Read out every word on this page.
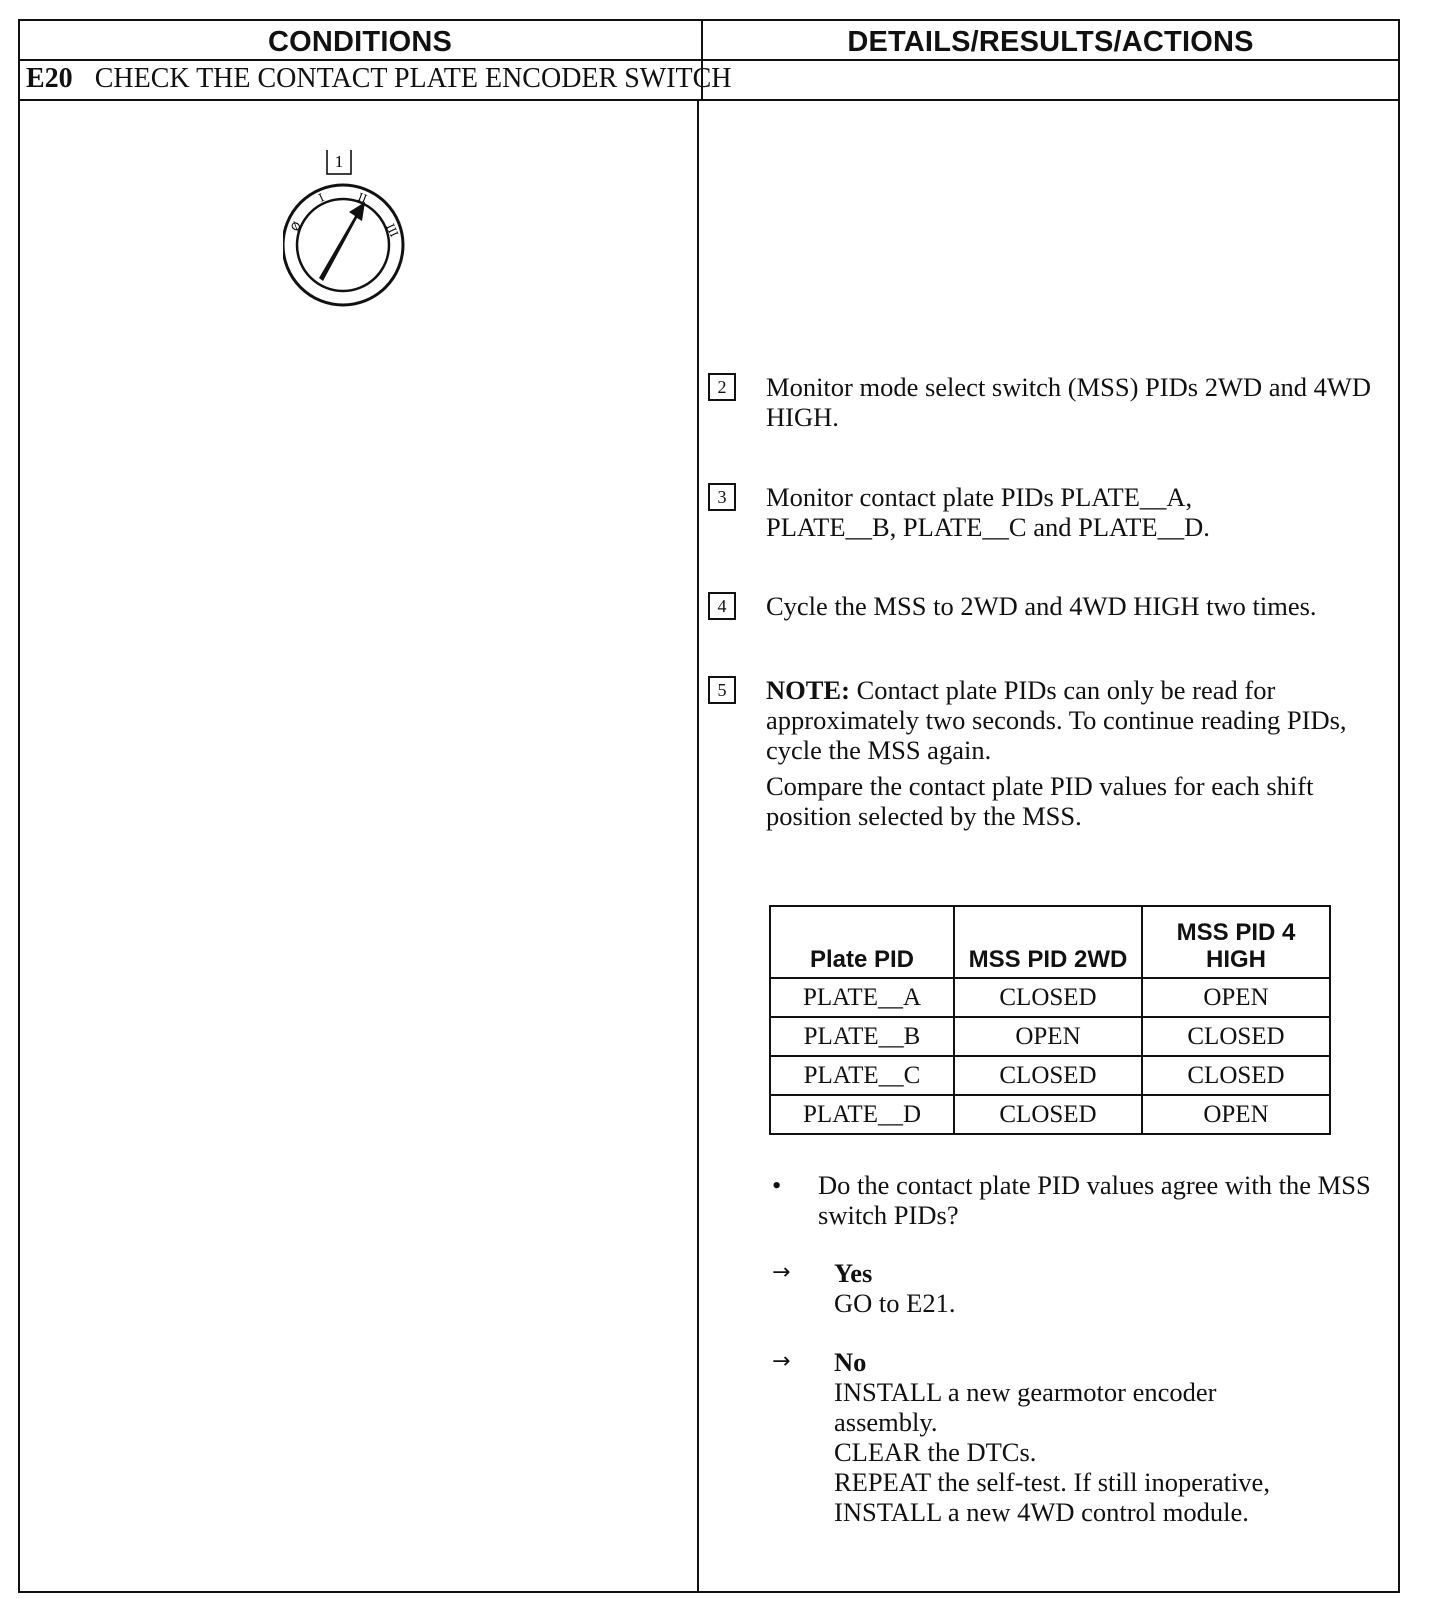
CONDITIONS	DETAILS/RESULTS/ACTIONS
E20 CHECK THE CONTACT PLATE ENCODER SWITCH
1
Ø
I	II
III
2	Monitor mode select switch (MSS) PIDs 2WD and 4WD HIGH.
3	Monitor contact plate PIDs PLATE__A, PLATE__B, PLATE__C and PLATE__D.
4	Cycle the MSS to 2WD and 4WD HIGH two times.
5	NOTE: Contact plate PIDs can only be read for approximately two seconds. To continue reading PIDs, cycle the MSS again.
Compare the contact plate PID values for each shift position selected by the MSS.
Plate PID	MSS PID 2WD	MSS PID 4 HIGH
PLATE__A	CLOSED	OPEN
PLATE__B	OPEN	CLOSED
PLATE__C	CLOSED	CLOSED
PLATE__D	CLOSED	OPEN
•	Do the contact plate PID values agree with the MSS switch PIDs?
→	Yes
GO to E21.
→	No
INSTALL a new gearmotor encoder assembly.
CLEAR the DTCs.
REPEAT the self-test. If still inoperative, INSTALL a new 4WD control module.
